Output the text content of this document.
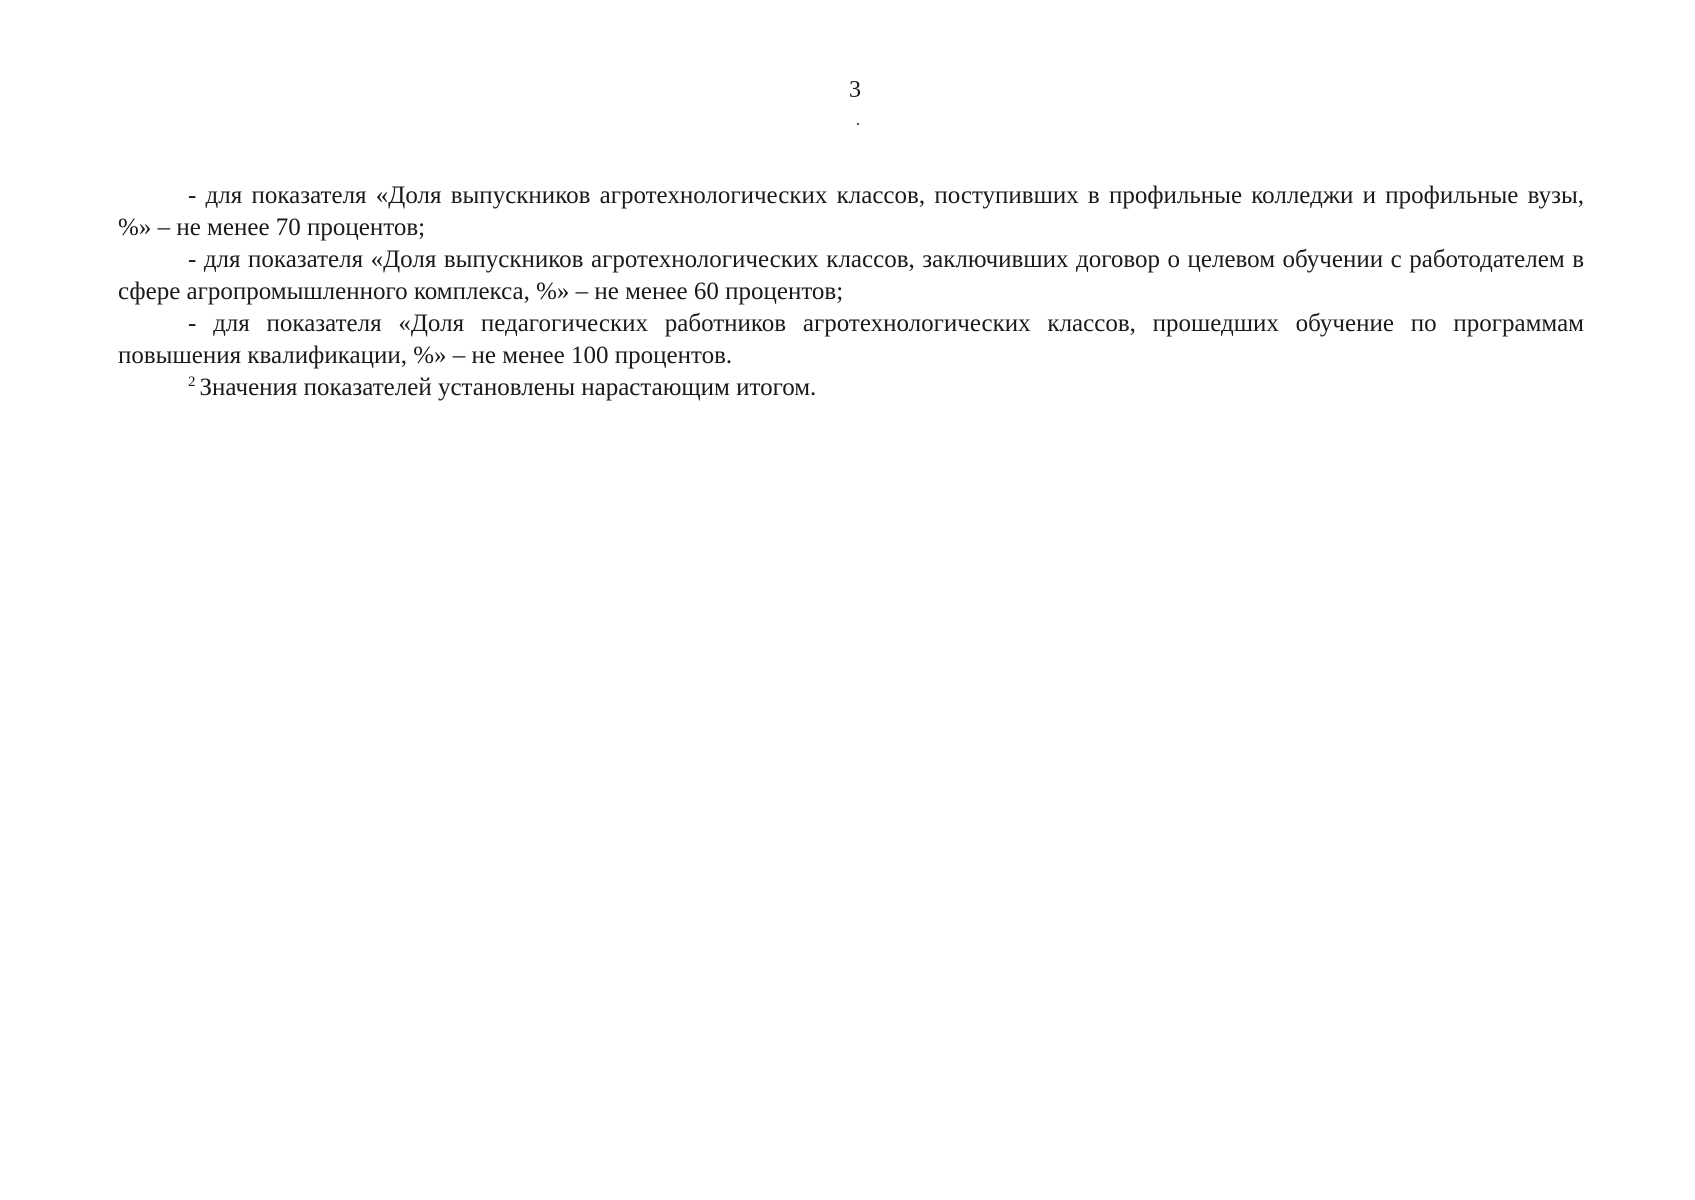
3

- для показателя «Доля выпускников агротехнологических классов, поступивших в профильные колледжи и профильные вузы, %» – не менее 70 процентов;

- для показателя «Доля выпускников агротехнологических классов, заключивших договор о целевом обучении с работодателем в сфере агропромышленного комплекса, %» – не менее 60 процентов;

- для показателя «Доля педагогических работников агротехнологических классов, прошедших обучение по программам повышения квалификации, %» – не менее 100 процентов.

$^2$ Значения показателей установлены нарастающим итогом.
